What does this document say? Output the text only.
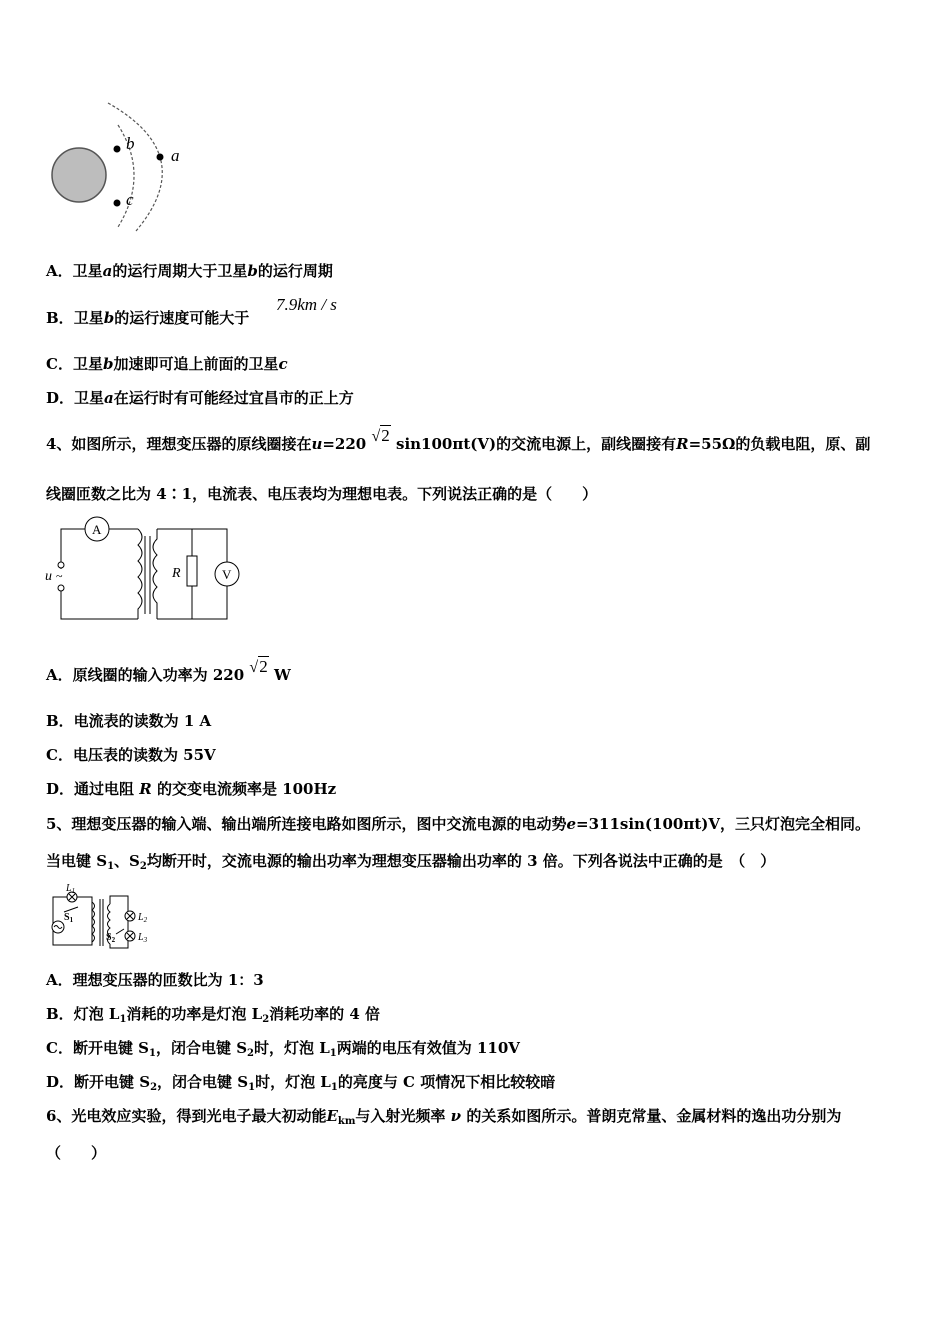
b
c
a
A．卫星a的运行周期大于卫星b的运行周期
B．卫星b的运行速度可能大于
7.9km / s
C．卫星b加速即可追上前面的卫星c
D．卫星a在运行时有可能经过宜昌市的正上方
4、如图所示，理想变压器的原线圈接在u=220 √2 sin100πt(V)的交流电源上，副线圈接有R=55Ω的负载电阻，原、副
线圈匝数之比为 4∶1，电流表、电压表均为理想电表。下列说法正确的是（　　）
A
V
R
u ~
A．原线圈的输入功率为 220 √2 W
B．电流表的读数为 1 A
C．电压表的读数为 55V
D．通过电阻 R 的交变电流频率是 100Hz
5、理想变压器的输入端、输出端所连接电路如图所示，图中交流电源的电动势e=311sin(100πt)V，三只灯泡完全相同。
当电键 $S_1$、$S_2$均断开时，交流电源的输出功率为理想变压器输出功率的 3 倍。下列各说法中正确的是　（　）
$L_1$
$S_1$	$L_2$
$S_2$ $L_3$
A．理想变压器的匝数比为 1：3
B．灯泡 $L_1$消耗的功率是灯泡 $L_2$消耗功率的 4 倍
C．断开电键 $S_1$，闭合电键 $S_2$时，灯泡 $L_1$两端的电压有效值为 110V
D．断开电键 $S_2$，闭合电键 $S_1$时，灯泡 $L_1$的亮度与 C 项情况下相比较较暗
6、光电效应实验，得到光电子最大初动能$E_{km}$与入射光频率 ν 的关系如图所示。普朗克常量、金属材料的逸出功分别为
（　　）
